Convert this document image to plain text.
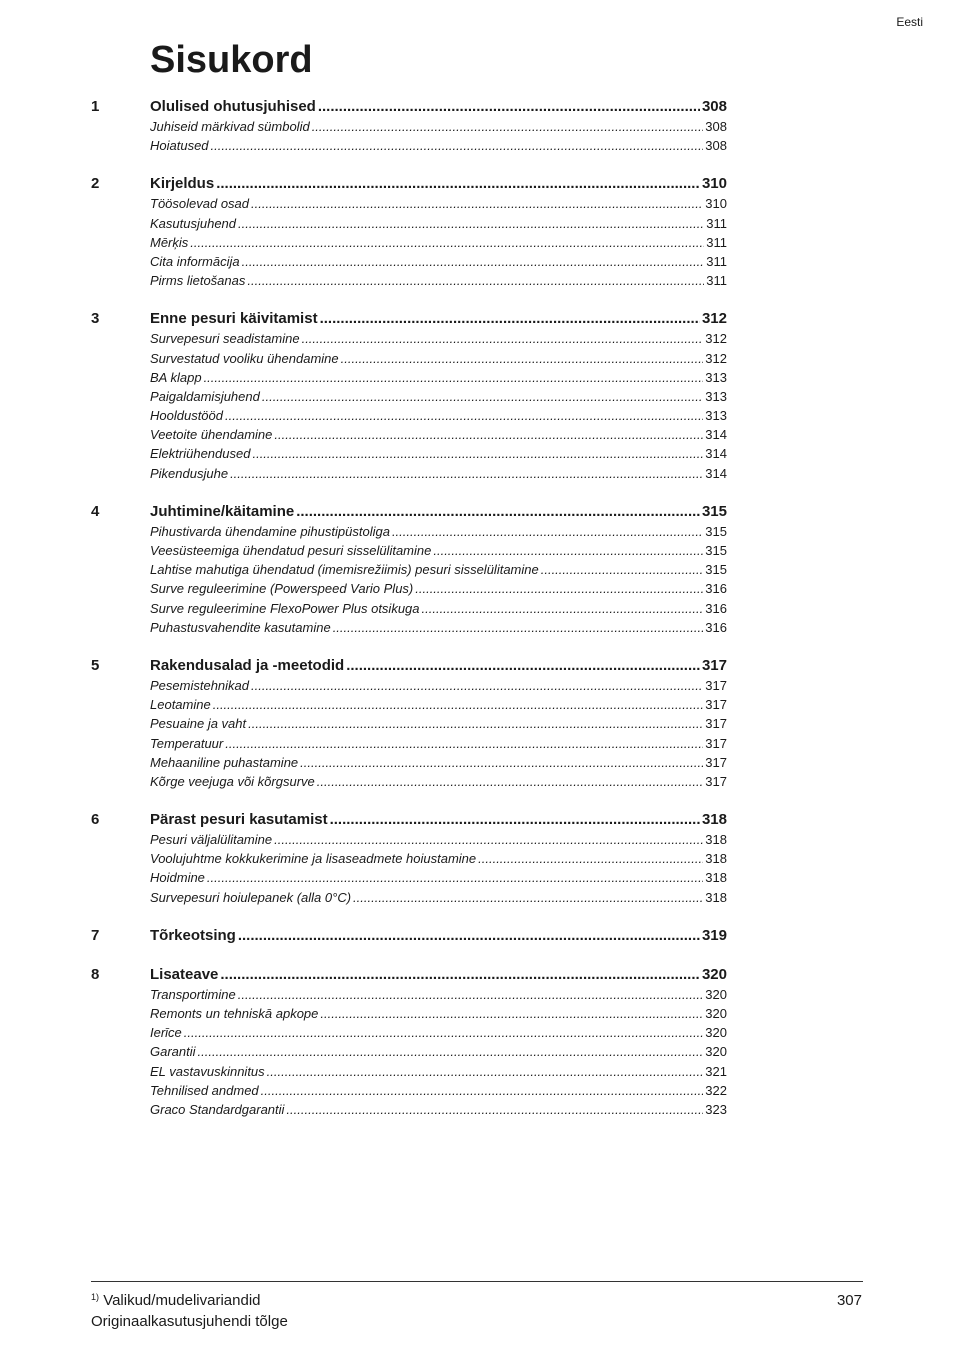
Eesti
Sisukord
1	Olulised ohutusjuhised .....	308
Juhiseid märkivad sümbolid .....	308
Hoiatused .....	308
2	Kirjeldus .....	310
Töösolevad osad .....	310
Kasutusjuhend .....	311
Mērķis .....	311
Cita informācija .....	311
Pirms lietošanas .....	311
3	Enne pesuri käivitamist .....	312
Survepesuri seadistamine .....	312
Survestatud vooliku ühendamine .....	312
BA klapp .....	313
Paigaldamisjuhend .....	313
Hooldustööd .....	313
Veetoite ühendamine .....	314
Elektriühendused .....	314
Pikendusjuhe .....	314
4	Juhtimine/käitamine .....	315
Pihustivarda ühendamine pihustipüstoliga .....	315
Veesüsteemiga ühendatud pesuri sisselülitamine .....	315
Lahtise mahutiga ühendatud (imemisrežiimis) pesuri sisselülitamine .....	315
Surve reguleerimine (Powerspeed Vario Plus) .....	316
Surve reguleerimine FlexoPower Plus otsikuga .....	316
Puhastusvahendite kasutamine .....	316
5	Rakendusalad ja -meetodid .....	317
Pesemistehnikad .....	317
Leotamine .....	317
Pesuaine ja vaht .....	317
Temperatuur .....	317
Mehaaniline puhastamine .....	317
Kõrge veejuga või kõrgsurve .....	317
6	Pärast pesuri kasutamist .....	318
Pesuri väljalülitamine .....	318
Voolujuhtme kokkukerimine ja lisaseadmete hoiustamine .....	318
Hoidmine .....	318
Survepesuri hoiulepanek (alla 0°C) .....	318
7	Tõrkeotsing .....	319
8	Lisateave .....	320
Transportimine .....	320
Remonts un tehniskā apkope .....	320
Ierīce .....	320
Garantii .....	320
EL vastavuskinnitus .....	321
Tehnilised andmed .....	322
Graco Standardgarantii .....	323
$^{1)}$ Valikud/mudelivariandid
Originaalkasutusjuhendi tõlge
307
